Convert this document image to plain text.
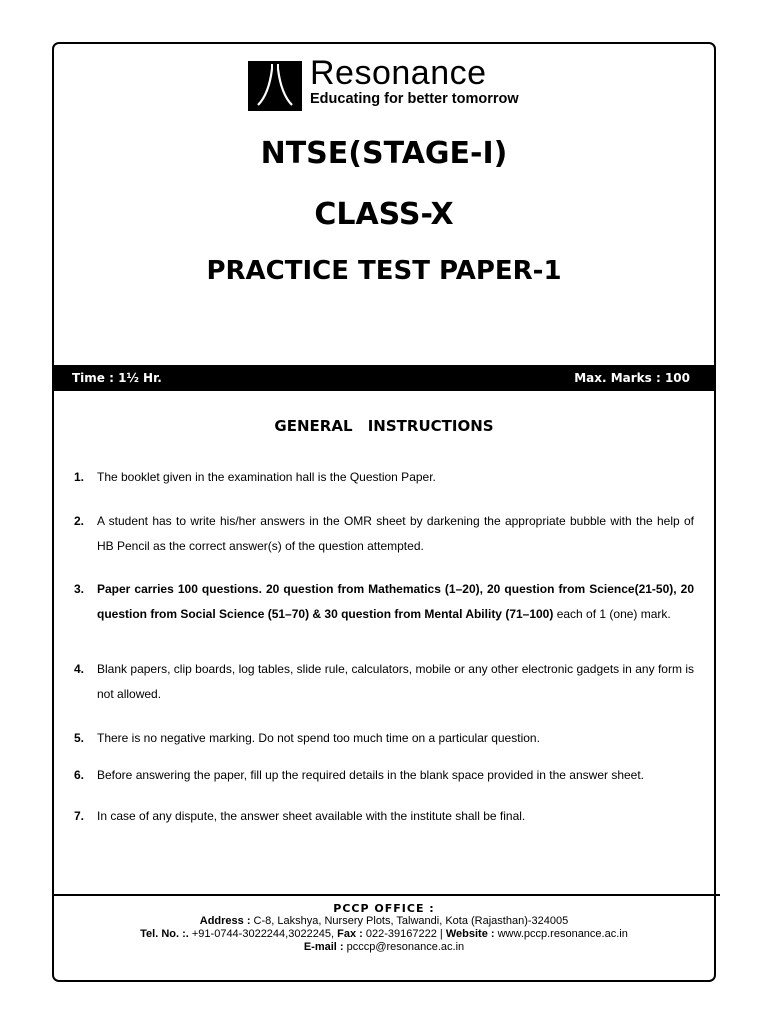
Resonance
Educating for better tomorrow
NTSE(STAGE-I)
CLASS-X
PRACTICE TEST PAPER-1
Time : 1½ Hr.	Max. Marks : 100
GENERAL INSTRUCTIONS
1. The booklet given in the examination hall is the Question Paper.
2. A student has to write his/her answers in the OMR sheet by darkening the appropriate bubble with the help of HB Pencil as the correct answer(s) of the question attempted.
3. Paper carries 100 questions. 20 question from Mathematics (1–20), 20 question from Science(21-50), 20 question from Social Science (51–70) & 30 question from Mental Ability (71–100) each of 1 (one) mark.
4. Blank papers, clip boards, log tables, slide rule, calculators, mobile or any other electronic gadgets in any form is not allowed.
5. There is no negative marking. Do not spend too much time on a particular question.
6. Before answering the paper, fill up the required details in the blank space provided in the answer sheet.
7. In case of any dispute, the answer sheet available with the institute shall be final.
PCCP OFFICE :
Address : C-8, Lakshya, Nursery Plots, Talwandi, Kota (Rajasthan)-324005
Tel. No. :. +91-0744-3022244,3022245, Fax : 022-39167222 | Website : www.pccp.resonance.ac.in
E-mail : pcccp@resonance.ac.in
